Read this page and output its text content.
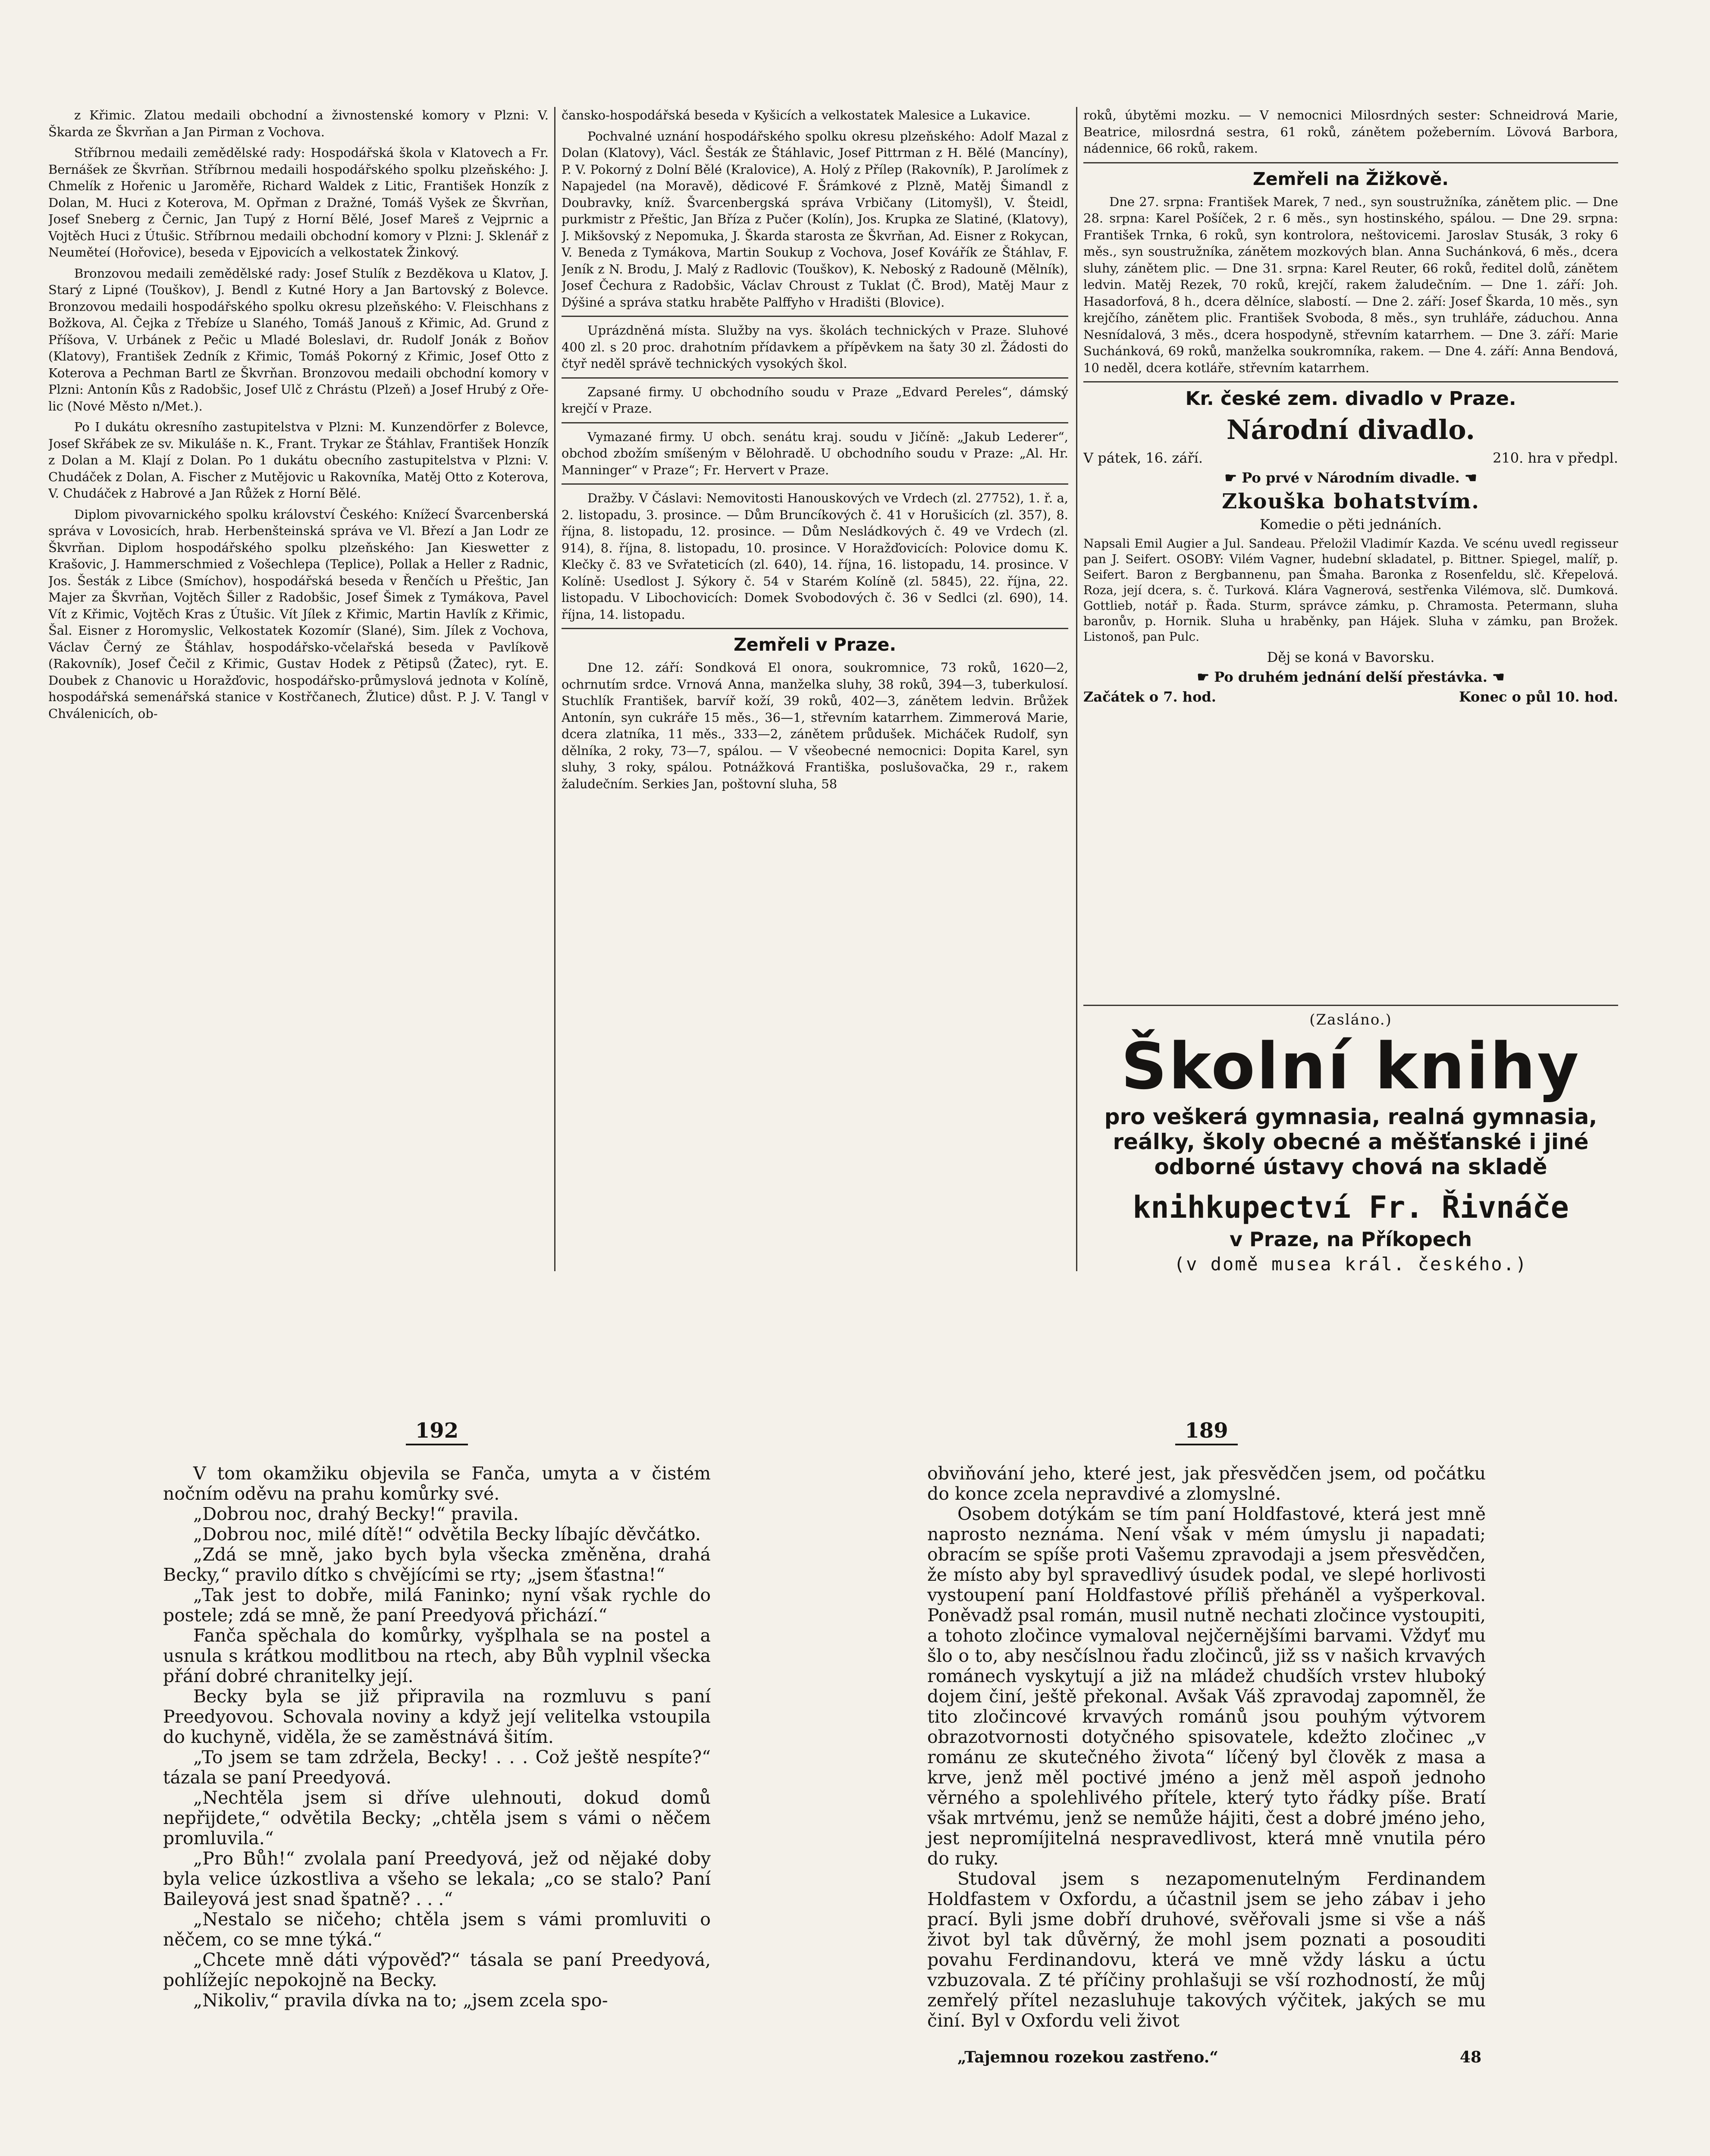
z Křimic. Zlatou medaili obchodní a živnostenské komory v Plzni: V. Škarda ze Škvrňan a Jan Pirman z Vochova.

Stříbrnou medaili zemědělské rady: Hospodářská škola v Klatovech a Fr. Bernášek ze Škvrňan. Stříbrnou medaili hospodářského spolku plzeňského: J. Chmelík z Hořenic u Jaroměře, Richard Waldek z Litic, František Honzík z Dolan, M. Huci z Koterova, M. Opřman z Dražné, Tomáš Vyšek ze Škvrňan, Josef Sneberg z Černic, Jan Tupý z Horní Bělé, Josef Mareš z Vejprnic a Vojtěch Huci z Útušic. Stříbrnou medaili obchodní komory v Plzni: J. Sklenář z Neuměteí (Hořovice), beseda v Ejpovicích a velkostatek Žinkový.

Bronzovou medaili zemědělské rady: Josef Stulík z Bezděkova u Klatov, J. Starý z Lipné (Touškov), J. Bendl z Kutné Hory a Jan Bartovský z Bolevce. Bronzovou medaili hospodářského spolku okresu plzeňského: V. Fleischhans z Božkova, Al. Čejka z Třebíze u Slaného, Tomáš Janouš z Křimic, Ad. Grund z Příšova, V. Urbánek z Pečic u Mladé Boleslavi, dr. Rudolf Jonák z Boňov (Klatovy), František Zedník z Křimic, Tomáš Pokorný z Křimic, Josef Otto z Koterova a Pechman Bartl ze Škvrňan. Bronzovou medaili obchodní komory v Plzni: Antonín Kůs z Radobšic, Josef Ulč z Chrástu (Plzeň) a Josef Hrubý z Oře-lic (Nové Město n/Met.).

Po I dukátu okresního zastupitelstva v Plzni: M. Kunzendörfer z Bolevce, Josef Skřábek ze sv. Mikuláše n. K., Frant. Trykar ze Štáhlav, František Honzík z Dolan a M. Klají z Dolan. Po 1 dukátu obecního zastupitelstva v Plzni: V. Chudáček z Dolan, A. Fischer z Mutějovic u Rakovníka, Matěj Otto z Koterova, V. Chudáček z Habrové a Jan Růžek z Horní Bělé.

Diplom pivovarnického spolku království Českého: Knížecí Švarcenberská správa v Lovosicích, hrab. Herbenšteinská správa ve Vl. Březí a Jan Lodr ze Škvrňan. Diplom hospodářského spolku plzeňského: Jan Kieswetter z Krašovic, J. Hammerschmied z Vošechlepa (Teplice), Pollak a Heller z Radnic, Jos. Šesták z Libce (Smíchov), hospodářská beseda v Řenčích u Přeštic, Jan Majer za Škvrňan, Vojtěch Šiller z Radobšic, Josef Šimek z Tymákova, Pavel Vít z Křimic, Vojtěch Kras z Útušic. Vít Jílek z Křimic, Martin Havlík z Křimic, Šal. Eisner z Horomyslic, Velkostatek Kozomír (Slané), Sim. Jílek z Vochova, Václav Černý ze Štáhlav, hospodářsko-včelařská beseda v Pavlíkově (Rakovník), Josef Čečil z Křimic, Gustav Hodek z Pětipsů (Žatec), ryt. E. Doubek z Chanovic u Horažďovic, hospodářsko-průmyslová jednota v Kolíně, hospodářská semenářská stanice v Kostřčanech, Žlutice) důst. P. J. V. Tangl v Chválenicích, ob-

čansko-hospodářská beseda v Kyšicích a velkostatek Malesice a Lukavice.

Pochvalné uznání hospodářského spolku okresu plzeňského: Adolf Mazal z Dolan (Klatovy), Václ. Šesták ze Štáhlavic, Josef Pittrman z H. Bělé (Mancíny), P. V. Pokorný z Dolní Bělé (Kralovice), A. Holý z Přílep (Rakovník), P. Jarolímek z Napajedel (na Moravě), dědicové F. Šrámkové z Plzně, Matěj Šimandl z Doubravky, kníž. Švarcenbergská správa Vrbičany (Litomyšl), V. Šteidl, purkmistr z Přeštic, Jan Bříza z Pučer (Kolín), Jos. Krupka ze Slatiné, (Klatovy), J. Mikšovský z Nepomuka, J. Škarda starosta ze Škvrňan, Ad. Eisner z Rokycan, V. Beneda z Tymákova, Martin Soukup z Vochova, Josef Kovářík ze Štáhlav, F. Jeník z N. Brodu, J. Malý z Radlovic (Touškov), K. Neboský z Radouně (Mělník), Josef Čechura z Radobšic, Václav Chroust z Tuklat (Č. Brod), Matěj Maur z Dýšiné a správa statku hraběte Palffyho v Hradišti (Blovice).

Uprázdněná místa. Služby na vys. školách technických v Praze. Sluhové 400 zl. s 20 proc. drahotním přídavkem a přípěvkem na šaty 30 zl. Žádosti do čtyř neděl správě technických vysokých škol.

Zapsané firmy. U obchodního soudu v Praze „Edvard Pereles“, dámský krejčí v Praze.

Vymazané firmy. U obch. senátu kraj. soudu v Jičíně: „Jakub Lederer“, obchod zbožím smíšeným v Bělohradě. U obchodního soudu v Praze: „Al. Hr. Manninger“ v Praze“; Fr. Hervert v Praze.

Dražby. V Čáslavi: Nemovitosti Hanouskových ve Vrdech (zl. 27752), 1. ř. a, 2. listopadu, 3. prosince. — Dům Bruncíkových č. 41 v Horušicích (zl. 357), 8. října, 8. listopadu, 12. prosince. — Dům Nesládkových č. 49 ve Vrdech (zl. 914), 8. října, 8. listopadu, 10. prosince. V Horažďovicích: Polovice domu K. Klečky č. 83 ve Svřateticích (zl. 640), 14. října, 16. listopadu, 14. prosince. V Kolíně: Usedlost J. Sýkory č. 54 v Starém Kolíně (zl. 5845), 22. října, 22. listopadu. V Libochovicích: Domek Svobodových č. 36 v Sedlci (zl. 690), 14. října, 14. listopadu.

Zemřeli v Praze.

Dne 12. září: Sondková El onora, soukromnice, 73 roků, 1620—2, ochrnutím srdce. Vrnová Anna, manželka sluhy, 38 roků, 394—3, tuberkulosí. Stuchlík František, barvíř koží, 39 roků, 402—3, zánětem ledvin. Brůžek Antonín, syn cukráře 15 měs., 36—1, střevním katarrhem. Zimmerová Marie, dcera zlatníka, 11 měs., 333—2, zánětem průdušek. Micháček Rudolf, syn dělníka, 2 roky, 73—7, spálou. — V všeobecné nemocnici: Dopita Karel, syn sluhy, 3 roky, spálou. Potnážková Františka, poslušovačka, 29 r., rakem žaludečním. Serkies Jan, poštovní sluha, 58

roků, úbytěmi mozku. — V nemocnici Milosrdných sester: Schneidrová Marie, Beatrice, milosrdná sestra, 61 roků, zánětem požeberním. Lövová Barbora, nádennice, 66 roků, rakem.

Zemřeli na Žižkově.

Dne 27. srpna: František Marek, 7 ned., syn soustružníka, zánětem plic. — Dne 28. srpna: Karel Pošíček, 2 r. 6 měs., syn hostinského, spálou. — Dne 29. srpna: František Trnka, 6 roků, syn kontrolora, neštovicemi. Jaroslav Stusák, 3 roky 6 měs., syn soustružníka, zánětem mozkových blan. Anna Suchánková, 6 měs., dcera sluhy, zánětem plic. — Dne 31. srpna: Karel Reuter, 66 roků, ředitel dolů, zánětem ledvin. Matěj Rezek, 70 roků, krejčí, rakem žaludečním. — Dne 1. září: Joh. Hasadorfová, 8 h., dcera dělníce, slabostí. — Dne 2. září: Josef Škarda, 10 měs., syn krejčího, zánětem plic. František Svoboda, 8 měs., syn truhláře, záduchou. Anna Nesnídalová, 3 měs., dcera hospodyně, střevním katarrhem. — Dne 3. září: Marie Suchánková, 69 roků, manželka soukromníka, rakem. — Dne 4. září: Anna Bendová, 10 neděl, dcera kotláře, střevním katarrhem.

Kr. české zem. divadlo v Praze.
Národní divadlo.
V pátek, 16. září.	210. hra v předpl.
☛ Po prvé v Národním divadle. ☚
Zkouška bohatstvím.
Komedie o pěti jednáních.

Napsali Emil Augier a Jul. Sandeau. Přeložil Vladimír Kazda. Ve scénu uvedl regisseur pan J. Seifert. OSOBY: Vilém Vagner, hudební skladatel, p. Bittner. Spiegel, malíř, p. Seifert. Baron z Bergbannenu, pan Šmaha. Baronka z Rosenfeldu, slč. Křepelová. Roza, její dcera, s. č. Turková. Klára Vagnerová, sestřenka Vilémova, slč. Dumková. Gottlieb, notář p. Řada. Sturm, správce zámku, p. Chramosta. Petermann, sluha baronův, p. Hornik. Sluha u hraběnky, pan Hájek. Sluha v zámku, pan Brožek. Listonoš, pan Pulc.

Děj se koná v Bavorsku.
☛ Po druhém jednání delší přestávka. ☚
Začátek o 7. hod.	Konec o půl 10. hod.
(Zasláno.)
Školní knihy
pro veškerá gymnasia, realná gymnasia, reálky, školy obecné a měšťanské i jiné odborné ústavy chová na skladě
knihkupectví Fr. Řivnáče
v Praze, na Příkopech
(v domě musea král. českého.)
192

V tom okamžiku objevila se Fanča, umyta a v čistém nočním oděvu na prahu komůrky své.

„Dobrou noc, drahý Becky!“ pravila.

„Dobrou noc, milé dítě!“ odvětila Becky líbajíc děvčátko.

„Zdá se mně, jako bych byla všecka změněna, drahá Becky,“ pravilo dítko s chvějícími se rty; „jsem šťastna!“

„Tak jest to dobře, milá Faninko; nyní však rychle do postele; zdá se mně, že paní Preedyová přichází.“

Fanča spěchala do komůrky, vyšplhala se na postel a usnula s krátkou modlitbou na rtech, aby Bůh vyplnil všecka přání dobré chranitelky její.

Becky byla se již připravila na rozmluvu s paní Preedyovou. Schovala noviny a když její velitelka vstoupila do kuchyně, viděla, že se zaměstnává šitím.

„To jsem se tam zdržela, Becky! . . . Což ještě nespíte?“ tázala se paní Preedyová.

„Nechtěla jsem si dříve ulehnouti, dokud domů nepřijdete,“ odvětila Becky; „chtěla jsem s vámi o něčem promluvila.“

„Pro Bůh!“ zvolala paní Preedyová, jež od nějaké doby byla velice úzkostliva a všeho se lekala; „co se stalo? Paní Baileyová jest snad špatně? . . .“

„Nestalo se ničeho; chtěla jsem s vámi promluviti o něčem, co se mne týká.“

„Chcete mně dáti výpověď?“ tásala se paní Preedyová, pohlížejíc nepokojně na Becky.

„Nikoliv,“ pravila dívka na to; „jsem zcela spo-

189

obviňování jeho, které jest, jak přesvědčen jsem, od počátku do konce zcela nepravdivé a zlomyslné.

Osobem dotýkám se tím paní Holdfastové, která jest mně naprosto neznáma. Není však v mém úmyslu ji napadati; obracím se spíše proti Vašemu zpravodaji a jsem přesvědčen, že místo aby byl spravedlivý úsudek podal, ve slepé horlivosti vystoupení paní Holdfastové příliš přeháněl a vyšperkoval. Poněvadž psal román, musil nutně nechati zločince vystoupiti, a tohoto zločince vymaloval nejčernějšími barvami. Vždyť mu šlo o to, aby nesčíslnou řadu zločinců, již ss v našich krvavých románech vyskytují a již na mládež chudších vrstev hluboký dojem činí, ještě překonal. Avšak Váš zpravodaj zapomněl, že tito zločincové krvavých románů jsou pouhým výtvorem obrazotvornosti dotyčného spisovatele, kdežto zločinec „v románu ze skutečného života“ líčený byl člověk z masa a krve, jenž měl poctivé jméno a jenž měl aspoň jednoho věrného a spolehlivého přítele, který tyto řádky píše. Bratí však mrtvému, jenž se nemůže hájiti, čest a dobré jméno jeho, jest nepromíjitelná nespravedlivost, která mně vnutila péro do ruky.

Studoval jsem s nezapomenutelným Ferdinandem Holdfastem v Oxfordu, a účastnil jsem se jeho zábav i jeho prací. Byli jsme dobří druhové, svěřovali jsme si vše a náš život byl tak důvěrný, že mohl jsem poznati a posouditi povahu Ferdinandovu, která ve mně vždy lásku a úctu vzbuzovala. Z té příčiny prohlašuji se vší rozhodností, že můj zemřelý přítel nezasluhuje takových výčitek, jakých se mu činí. Byl v Oxfordu veli život

„Tajemnou rozekou zastřeno.“	48
